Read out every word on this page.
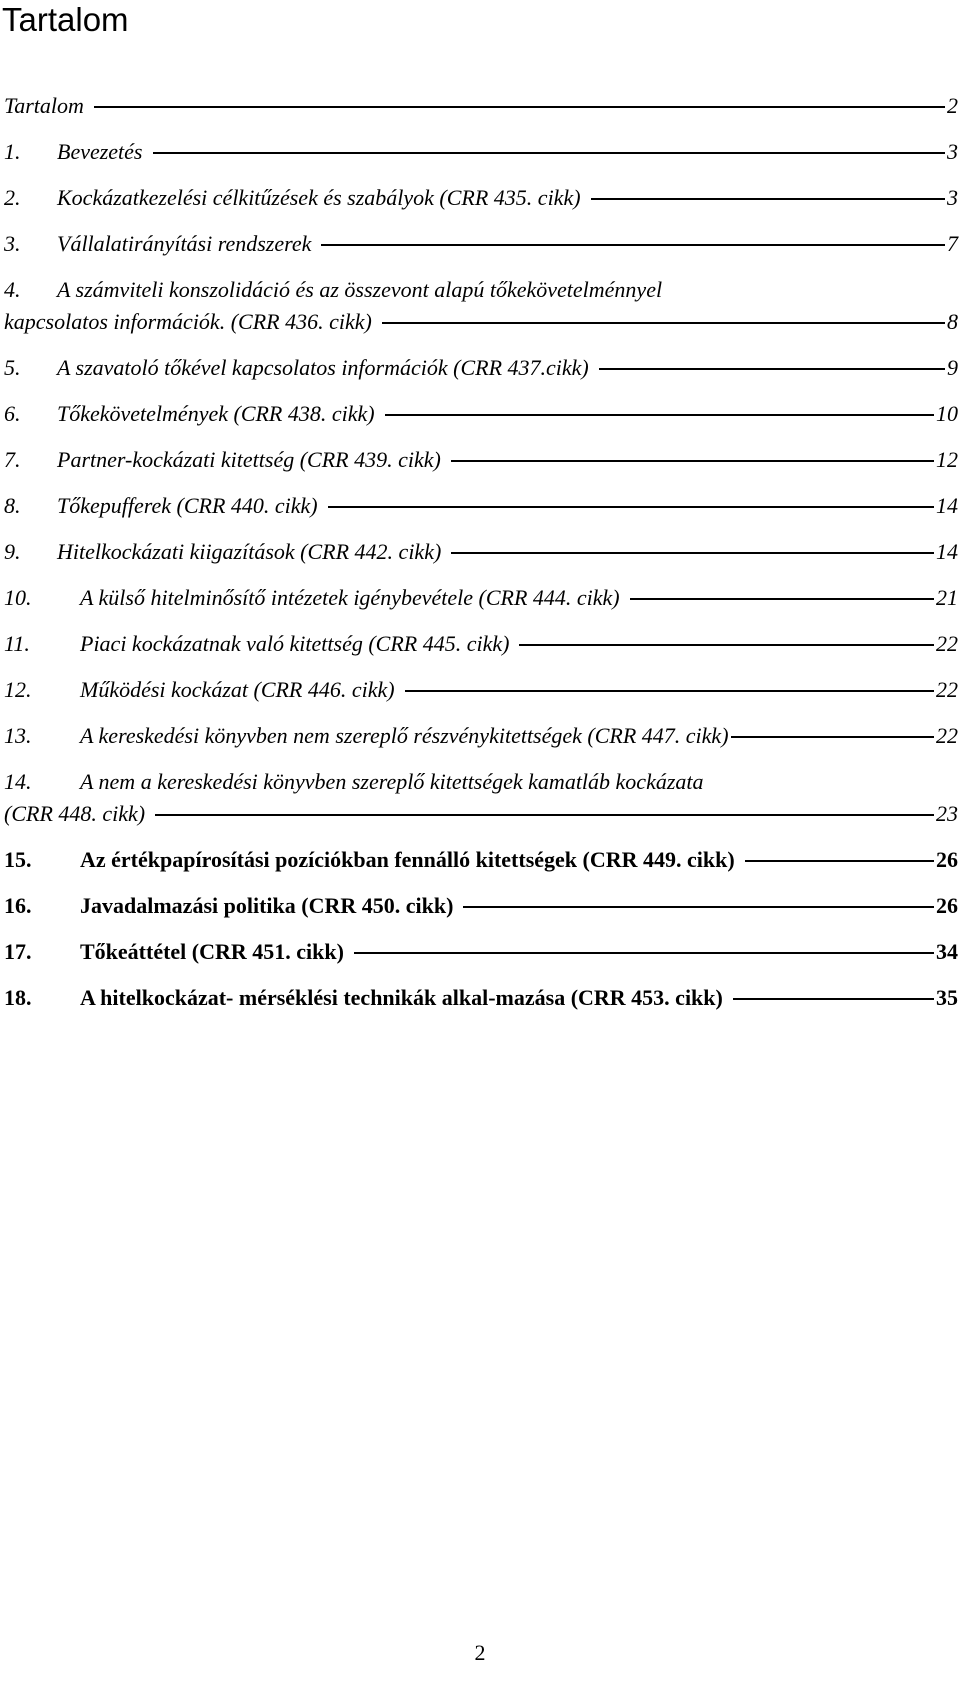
Tartalom
Tartalom	2
1.	Bevezetés	3
2.	Kockázatkezelési célkitűzések és szabályok (CRR 435. cikk)	3
3.	Vállalatirányítási rendszerek	7
4.	A számviteli konszolidáció és az összevont alapú tőkekövetelménnyel
kapcsolatos információk. (CRR 436. cikk)	8
5.	A szavatoló tőkével kapcsolatos információk (CRR 437.cikk)	9
6.	Tőkekövetelmények (CRR 438. cikk)	10
7.	Partner-kockázati kitettség (CRR 439. cikk)	12
8.	Tőkepufferek (CRR 440. cikk)	14
9.	Hitelkockázati kiigazítások (CRR 442. cikk)	14
10.	A külső hitelminősítő intézetek igénybevétele (CRR 444. cikk)	21
11.	Piaci kockázatnak való kitettség (CRR 445. cikk)	22
12.	Működési kockázat (CRR 446. cikk)	22
13.	A kereskedési könyvben nem szereplő részvénykitettségek (CRR 447. cikk)	22
14.	A nem a kereskedési könyvben szereplő kitettségek kamatláb kockázata
(CRR 448. cikk)	23
15.	Az értékpapírosítási pozíciókban fennálló kitettségek (CRR 449. cikk)	26
16.	Javadalmazási politika (CRR 450. cikk)	26
17.	Tőkeáttétel (CRR 451. cikk)	34
18.	A hitelkockázat- mérséklési technikák alkal-mazása (CRR 453. cikk)	35
2
